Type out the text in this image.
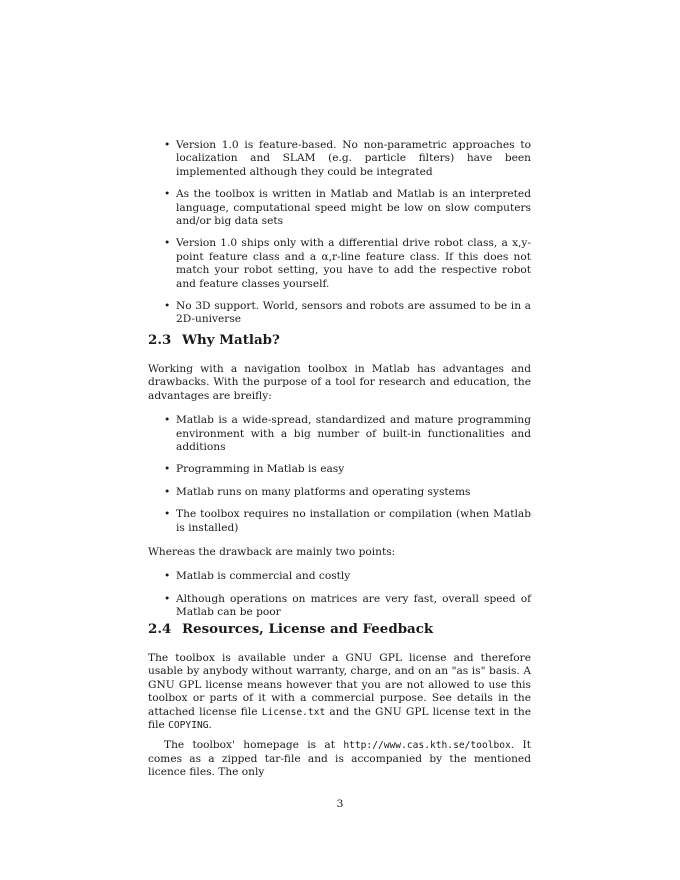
• Version 1.0 is feature-based. No non-parametric approaches to localization and SLAM (e.g. particle filters) have been implemented although they could be integrated
• As the toolbox is written in Matlab and Matlab is an interpreted language, computational speed might be low on slow computers and/or big data sets
• Version 1.0 ships only with a differential drive robot class, a x,y-point feature class and a α,r-line feature class. If this does not match your robot setting, you have to add the respective robot and feature classes yourself.
• No 3D support. World, sensors and robots are assumed to be in a 2D-universe
2.3 Why Matlab?

Working with a navigation toolbox in Matlab has advantages and drawbacks. With the purpose of a tool for research and education, the advantages are breifly:

• Matlab is a wide-spread, standardized and mature programming environment with a big number of built-in functionalities and additions
• Programming in Matlab is easy
• Matlab runs on many platforms and operating systems
• The toolbox requires no installation or compilation (when Matlab is installed)

Whereas the drawback are mainly two points:

• Matlab is commercial and costly
• Although operations on matrices are very fast, overall speed of Matlab can be poor
2.4 Resources, License and Feedback

The toolbox is available under a GNU GPL license and therefore usable by anybody without warranty, charge, and on an "as is" basis. A GNU GPL license means however that you are not allowed to use this toolbox or parts of it with a commercial purpose. See details in the attached license file License.txt and the GNU GPL license text in the file COPYING.

The toolbox' homepage is at http://www.cas.kth.se/toolbox. It comes as a zipped tar-file and is accompanied by the mentioned licence files. The only

3
